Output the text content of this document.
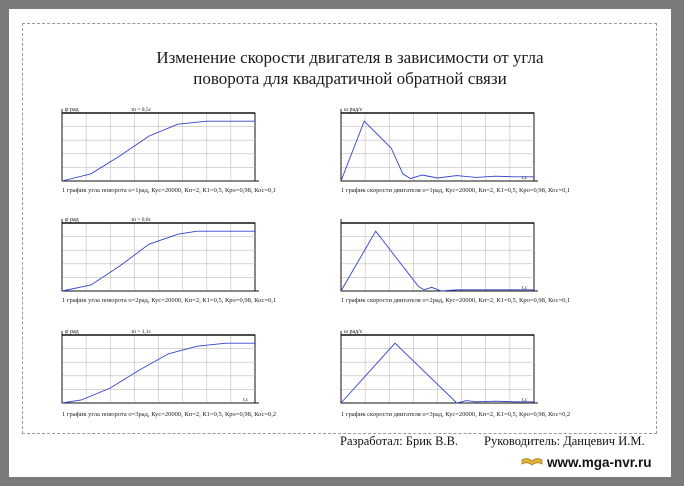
Изменение скорости двигателя в зависимости от угла
поворота для квадратичной обратной связи
φ рад	tп = 0,5с
1 график угла поворота о=1рад, Кус=20000, Кп=2, К1=0,5, Кpo=0,98, Кос=0,1
ω рад/с
t,с
1 график скорости двигателя о=1рад, Кус=20000, Кп=2, К1=0,5, Кpo=0,98, Кос=0,1
φ рад	tп = 0,8с
1 график угла поворота о=2рад, Кус=20000, Кп=2, К1=0,5, Кpo=0,98, Кос=0,1
t,с
1 график скорости двигателя о=2рад, Кус=20000, Кп=2, К1=0,5, Кpo=0,98, Кос=0,1
φ рад	tп = 1,1с
t,с
1 график угла поворота о=3рад, Кус=20000, Кп=2, К1=0,5, Кpo=0,98, Кос=0,2
ω рад/с
t,с
1 график скорости двигателя о=3рад, Кус=20000, Кп=2, К1=0,5, Кpo=0,98, Кос=0,2
Разработал: Брик В.В. Руководитель: Данцевич И.М.
www.mga-nvr.ru
